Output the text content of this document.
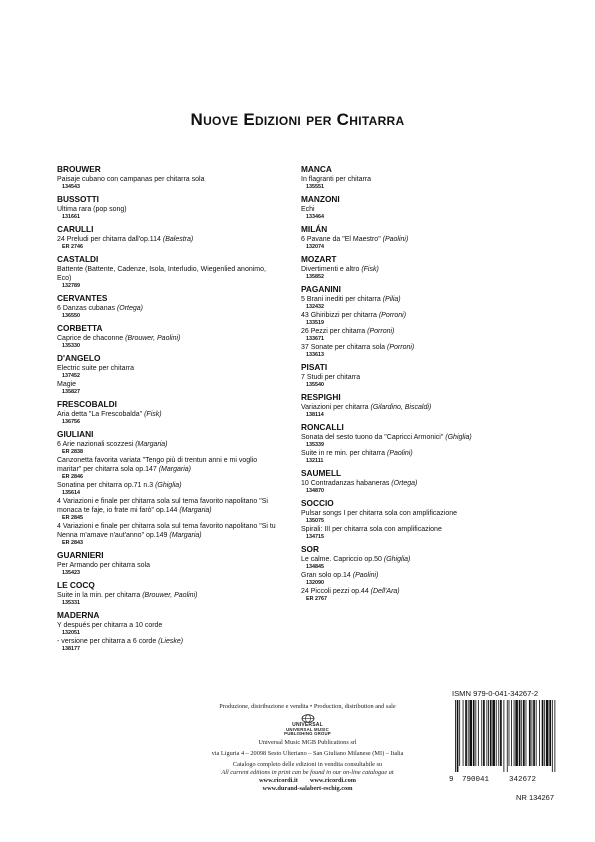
Nuove Edizioni per Chitarra
BROUWER
Paisaje cubano con campanas per chitarra sola
134543
BUSSOTTI
Ultima rara (pop song)
131661
CARULLI
24 Preludi per chitarra dall'op.114 (Balestra)
ER 2746
CASTALDI
Battente (Battente, Cadenze, Isola, Interludio, Wiegenlied anonimo, Eco)
132789
CERVANTES
6 Danzas cubanas (Ortega)
136550
CORBETTA
Caprice de chaconne (Brouwer, Paolini)
135330
D'ANGELO
Electric suite per chitarra
137452
Magie
135827
FRESCOBALDI
Aria detta "La Frescobalda" (Fisk)
136756
GIULIANI
6 Arie nazionali scozzesi (Margaria)
ER 2838
Canzonetta favorita variata "Tengo più di trentun anni e mi voglio maritar" per chitarra sola op.147 (Margaria)
ER 2846
Sonatina per chitarra op.71 n.3 (Ghiglia)
135614
4 Variazioni e finale per chitarra sola sul tema favorito napolitano "Si monaca te faje, io frate mi farò" op.144 (Margaria)
ER 2845
4 Variazioni e finale per chitarra sola sul tema favorito napolitano "Si tu Nenna m'amave n'aut'anno" op.149 (Margaria)
ER 2843
GUARNIERI
Per Armando per chitarra sola
135423
LE COCQ
Suite in la min. per chitarra (Brouwer, Paolini)
135331
MADERNA
Y después per chitarra a 10 corde
132051
- versione per chitarra a 6 corde (Lieske)
138177
MANCA
In flagranti per chitarra
135551
MANZONI
Echi
133464
MILÁN
6 Pavane da "El Maestro" (Paolini)
132074
MOZART
Divertimenti e altro (Fisk)
135852
PAGANINI
5 Brani inediti per chitarra (Pilia)
132432
43 Ghiribizzi per chitarra (Porroni)
133519
26 Pezzi per chitarra (Porroni)
133671
37 Sonate per chitarra sola (Porroni)
133613
PISATI
7 Studi per chitarra
135540
RESPIGHI
Variazioni per chitarra (Gilardino, Biscaldi)
138114
RONCALLI
Sonata del sesto tuono da "Capricci Armonici" (Ghiglia)
135339
Suite in re min. per chitarra (Paolini)
132111
SAUMELL
10 Contradanzas habaneras (Ortega)
134870
SOCCIO
Pulsar songs I per chitarra sola con amplificazione
135075
Spirali: III per chitarra sola con amplificazione
134715
SOR
Le calme. Capriccio op.50 (Ghiglia)
134845
Gran solo op.14 (Paolini)
132090
24 Piccoli pezzi op.44 (Dell'Ara)
ER 2767
Produzione, distribuzione e vendita • Production, distribution and sale
UNIVERSAL
UNIVERSAL MUSIC
PUBLISHING GROUP
Universal Music MGB Publications srl
via Liguria 4 – 20098 Sesto Ulteriano – San Giuliano Milanese (MI) – Italia
Catalogo completo delle edizioni in vendita consultabile su
All current editions in print can be found in our on-line catalogue at
www.ricordi.it www.ricordi.com
www.durand-salabert-eschig.com
ISMN 979-0-041-34267-2
9 790041	342672
NR 134267
